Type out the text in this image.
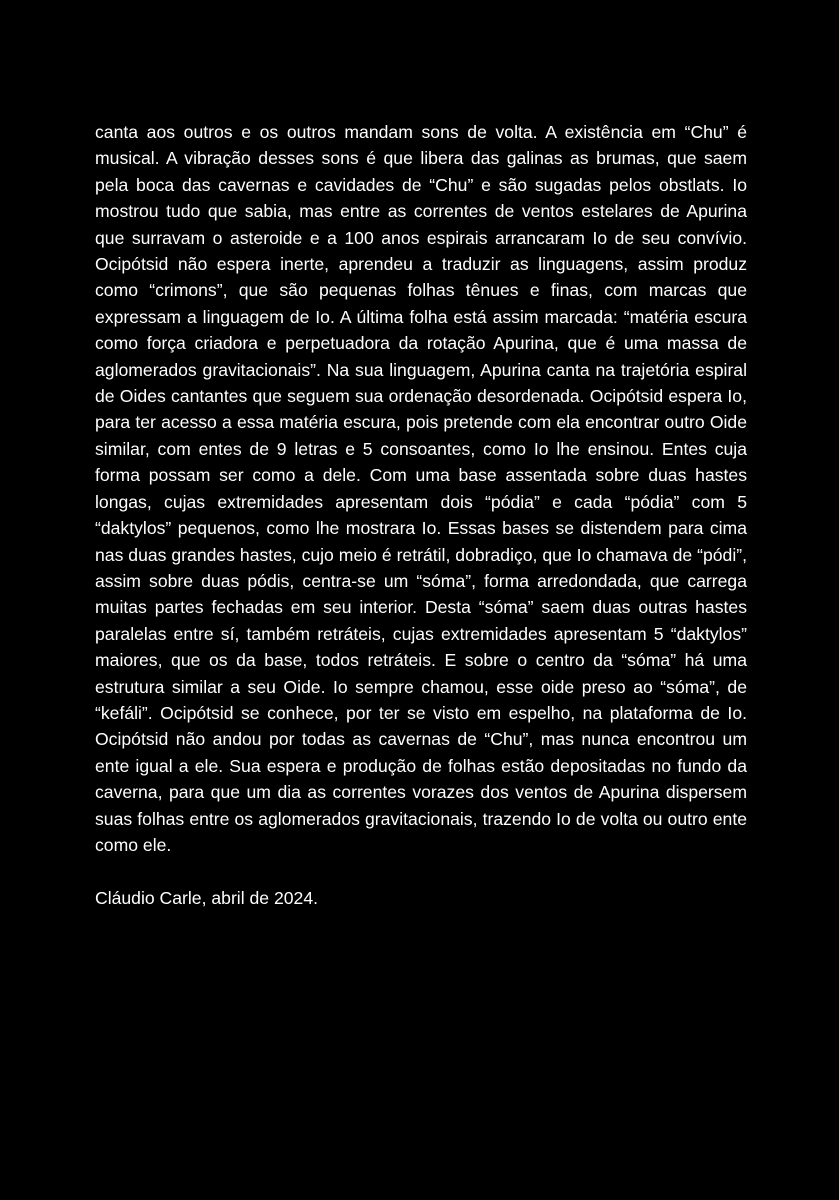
canta aos outros e os outros mandam sons de volta. A existência em “Chu” é musical. A vibração desses sons é que libera das galinas as brumas, que saem pela boca das cavernas e cavidades de “Chu” e são sugadas pelos obstlats. Io mostrou tudo que sabia, mas entre as correntes de ventos estelares de Apurina que surravam o asteroide e a 100 anos espirais arrancaram Io de seu convívio. Ocipótsid não espera inerte, aprendeu a traduzir as linguagens, assim produz como “crimons”, que são pequenas folhas tênues e finas, com marcas que expressam a linguagem de Io. A última folha está assim marcada: “matéria escura como força criadora e perpetuadora da rotação Apurina, que é uma massa de aglomerados gravitacionais”. Na sua linguagem, Apurina canta na trajetória espiral de Oides cantantes que seguem sua ordenação desordenada. Ocipótsid espera Io, para ter acesso a essa matéria escura, pois pretende com ela encontrar outro Oide similar, com entes de 9 letras e 5 consoantes, como Io lhe ensinou. Entes cuja forma possam ser como a dele. Com uma base assentada sobre duas hastes longas, cujas extremidades apresentam dois “pódia” e cada “pódia” com 5 “daktylos” pequenos, como lhe mostrara Io. Essas bases se distendem para cima nas duas grandes hastes, cujo meio é retrátil, dobradiço, que Io chamava de “pódi”, assim sobre duas pódis, centra-se um “sóma”, forma arredondada, que carrega muitas partes fechadas em seu interior. Desta “sóma” saem duas outras hastes paralelas entre sí, também retráteis, cujas extremidades apresentam 5 “daktylos” maiores, que os da base, todos retráteis. E sobre o centro da “sóma” há uma estrutura similar a seu Oide. Io sempre chamou, esse oide preso ao “sóma”, de “kefáli”. Ocipótsid se conhece, por ter se visto em espelho, na plataforma de Io. Ocipótsid não andou por todas as cavernas de “Chu”, mas nunca encontrou um ente igual a ele. Sua espera e produção de folhas estão depositadas no fundo da caverna, para que um dia as correntes vorazes dos ventos de Apurina dispersem suas folhas entre os aglomerados gravitacionais, trazendo Io de volta ou outro ente como ele.

Cláudio Carle, abril de 2024.
